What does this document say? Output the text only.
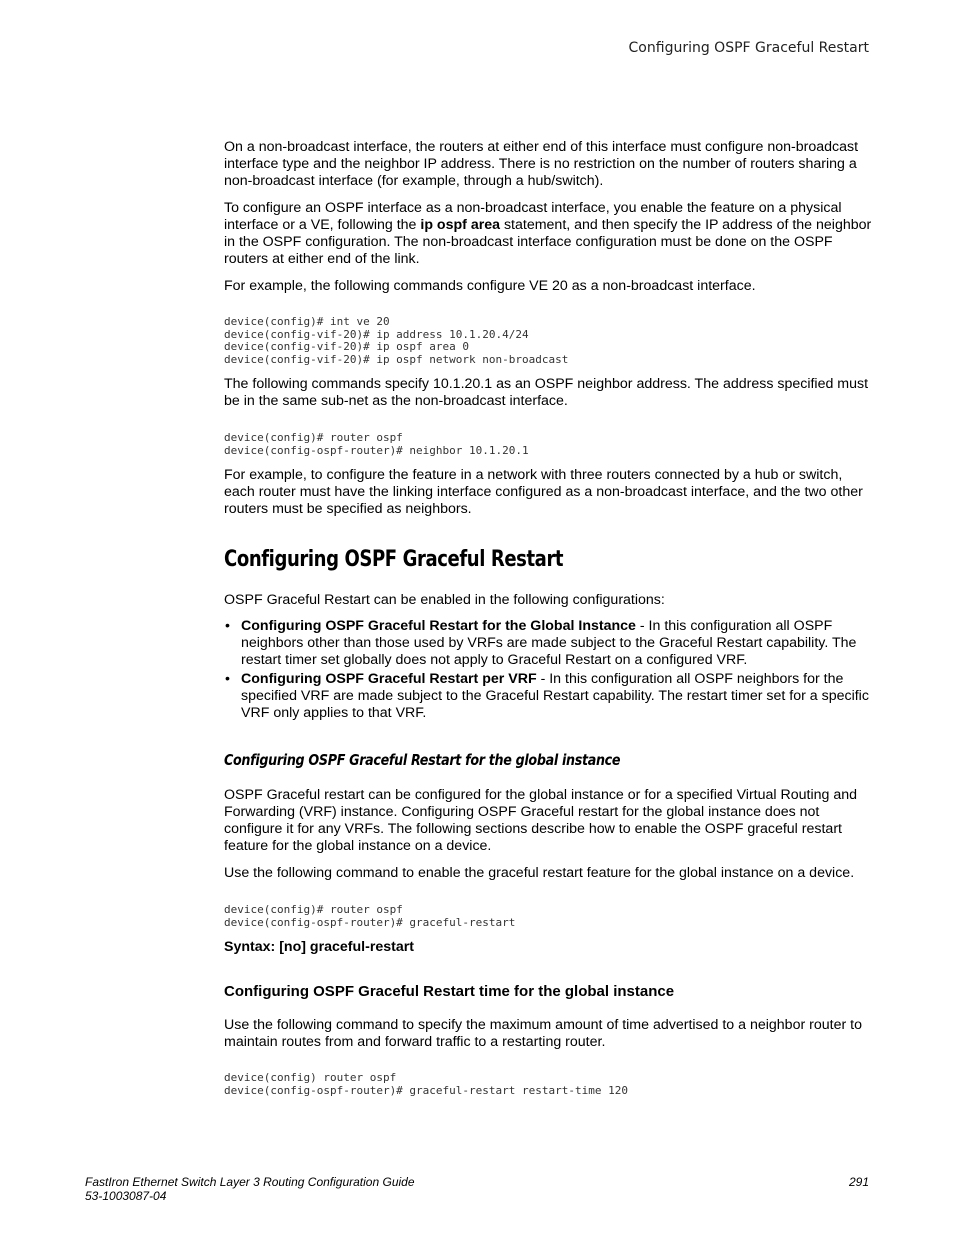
Configuring OSPF Graceful Restart

On a non-broadcast interface, the routers at either end of this interface must configure non-broadcast interface type and the neighbor IP address. There is no restriction on the number of routers sharing a non-broadcast interface (for example, through a hub/switch).

To configure an OSPF interface as a non-broadcast interface, you enable the feature on a physical interface or a VE, following the ip ospf area statement, and then specify the IP address of the neighbor in the OSPF configuration. The non-broadcast interface configuration must be done on the OSPF routers at either end of the link.

For example, the following commands configure VE 20 as a non-broadcast interface.

device(config)# int ve 20
device(config-vif-20)# ip address 10.1.20.4/24
device(config-vif-20)# ip ospf area 0
device(config-vif-20)# ip ospf network non-broadcast

The following commands specify 10.1.20.1 as an OSPF neighbor address. The address specified must be in the same sub-net as the non-broadcast interface.

device(config)# router ospf
device(config-ospf-router)# neighbor 10.1.20.1

For example, to configure the feature in a network with three routers connected by a hub or switch, each router must have the linking interface configured as a non-broadcast interface, and the two other routers must be specified as neighbors.

Configuring OSPF Graceful Restart

OSPF Graceful Restart can be enabled in the following configurations:

• Configuring OSPF Graceful Restart for the Global Instance - In this configuration all OSPF neighbors other than those used by VRFs are made subject to the Graceful Restart capability. The restart timer set globally does not apply to Graceful Restart on a configured VRF.
• Configuring OSPF Graceful Restart per VRF - In this configuration all OSPF neighbors for the specified VRF are made subject to the Graceful Restart capability. The restart timer set for a specific VRF only applies to that VRF.
Configuring OSPF Graceful Restart for the global instance

OSPF Graceful restart can be configured for the global instance or for a specified Virtual Routing and Forwarding (VRF) instance. Configuring OSPF Graceful restart for the global instance does not configure it for any VRFs. The following sections describe how to enable the OSPF graceful restart feature for the global instance on a device.

Use the following command to enable the graceful restart feature for the global instance on a device.

device(config)# router ospf
device(config-ospf-router)# graceful-restart

Syntax: [no] graceful-restart

Configuring OSPF Graceful Restart time for the global instance

Use the following command to specify the maximum amount of time advertised to a neighbor router to maintain routes from and forward traffic to a restarting router.

device(config) router ospf
device(config-ospf-router)# graceful-restart restart-time 120
FastIron Ethernet Switch Layer 3 Routing Configuration Guide
53-1003087-04
291
